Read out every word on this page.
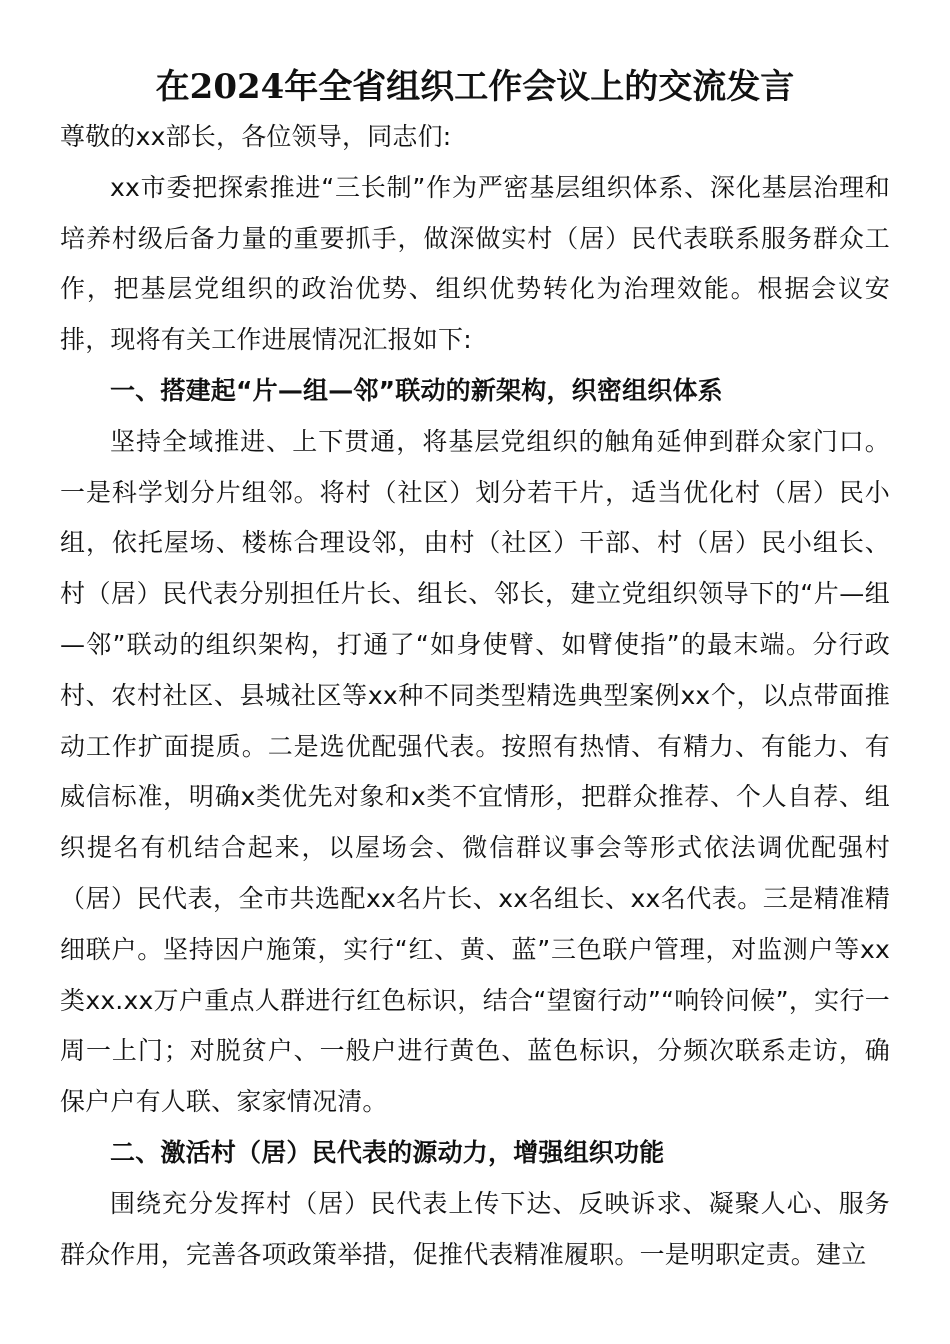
在2024年全省组织工作会议上的交流发言

尊敬的xx部长，各位领导，同志们:

xx市委把探索推进“三长制”作为严密基层组织体系、深化基层治理和培养村级后备力量的重要抓手，做深做实村（居）民代表联系服务群众工作，把基层党组织的政治优势、组织优势转化为治理效能。根据会议安排，现将有关工作进展情况汇报如下:

一、搭建起“片—组—邻”联动的新架构，织密组织体系

坚持全域推进、上下贯通，将基层党组织的触角延伸到群众家门口。一是科学划分片组邻。将村（社区）划分若干片，适当优化村（居）民小组，依托屋场、楼栋合理设邻，由村（社区）干部、村（居）民小组长、村（居）民代表分别担任片长、组长、邻长，建立党组织领导下的“片—组—邻”联动的组织架构，打通了“如身使臂、如臂使指”的最末端。分行政村、农村社区、县城社区等xx种不同类型精选典型案例xx个，以点带面推动工作扩面提质。二是选优配强代表。按照有热情、有精力、有能力、有威信标准，明确x类优先对象和x类不宜情形，把群众推荐、个人自荐、组织提名有机结合起来，以屋场会、微信群议事会等形式依法调优配强村（居）民代表，全市共选配xx名片长、xx名组长、xx名代表。三是精准精细联户。坚持因户施策，实行“红、黄、蓝”三色联户管理，对监测户等xx类xx.xx万户重点人群进行红色标识，结合“望窗行动”“响铃问候”，实行一周一上门；对脱贫户、一般户进行黄色、蓝色标识，分频次联系走访，确保户户有人联、家家情况清。

二、激活村（居）民代表的源动力，增强组织功能

围绕充分发挥村（居）民代表上传下达、反映诉求、凝聚人心、服务群众作用，完善各项政策举措，促推代表精准履职。一是明职定责。建立
